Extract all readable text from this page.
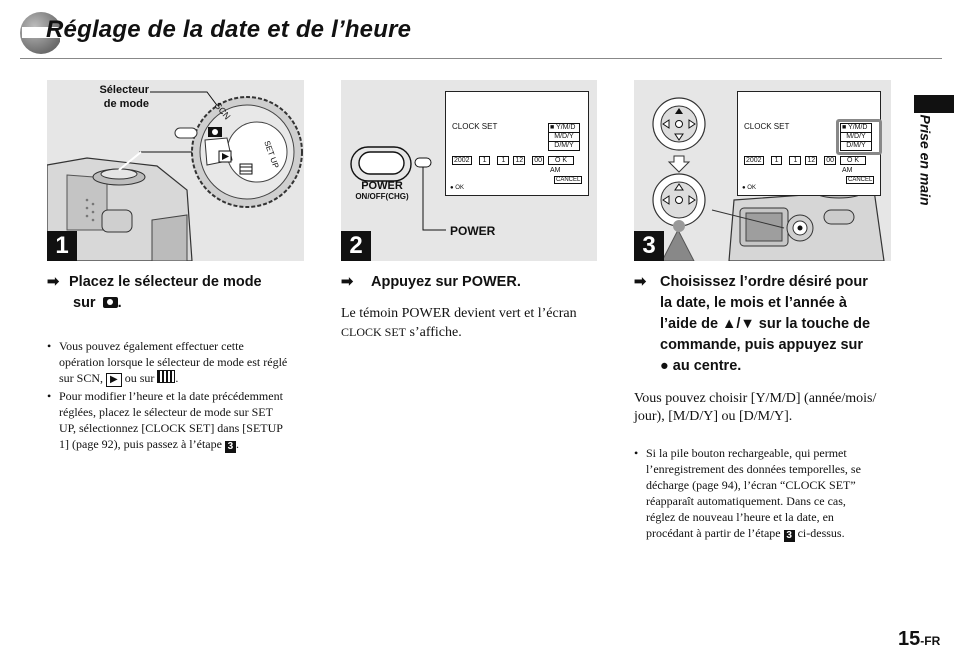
Réglage de la date et de l’heure
Prise en main
Sélecteur
de mode	SCN
SET UP
1
CLOCK SET	■ Y/M/D
M/D/Y
D/M/Y
2002	1	1	12 00	O K
AM
CANCEL
● OK
POWER
ON/OFF(CHG)
POWER
2
CLOCK SET	■ Y/M/D
M/D/Y
D/M/Y
2002	1	1	12 00	O K
AM
CANCEL
● OK
3
➡ Placez le sélecteur de mode
sur .
• Vous pouvez également effectuer cette
opération lorsque le sélecteur de mode est réglé
sur SCN, ▶ ou sur .
• Pour modifier l’heure et la date précédemment
réglées, placez le sélecteur de mode sur SET
UP, sélectionnez [CLOCK SET] dans [SETUP
1] (page 92), puis passez à l’étape 3 .
➡ Appuyez sur POWER.
Le témoin POWER devient vert et l’écran
CLOCK SET s’affiche.
➡ Choisissez l’ordre désiré pour
la date, le mois et l’année à
l’aide de ▲/▼ sur la touche de
commande, puis appuyez sur
● au centre.
Vous pouvez choisir [Y/M/D] (année/mois/
jour), [M/D/Y] ou [D/M/Y].
• Si la pile bouton rechargeable, qui permet
l’enregistrement des données temporelles, se
décharge (page 94), l’écran “CLOCK SET”
réapparaît automatiquement. Dans ce cas,
réglez de nouveau l’heure et la date, en
procédant à partir de l’étape 3 ci-dessus.
15-FR
